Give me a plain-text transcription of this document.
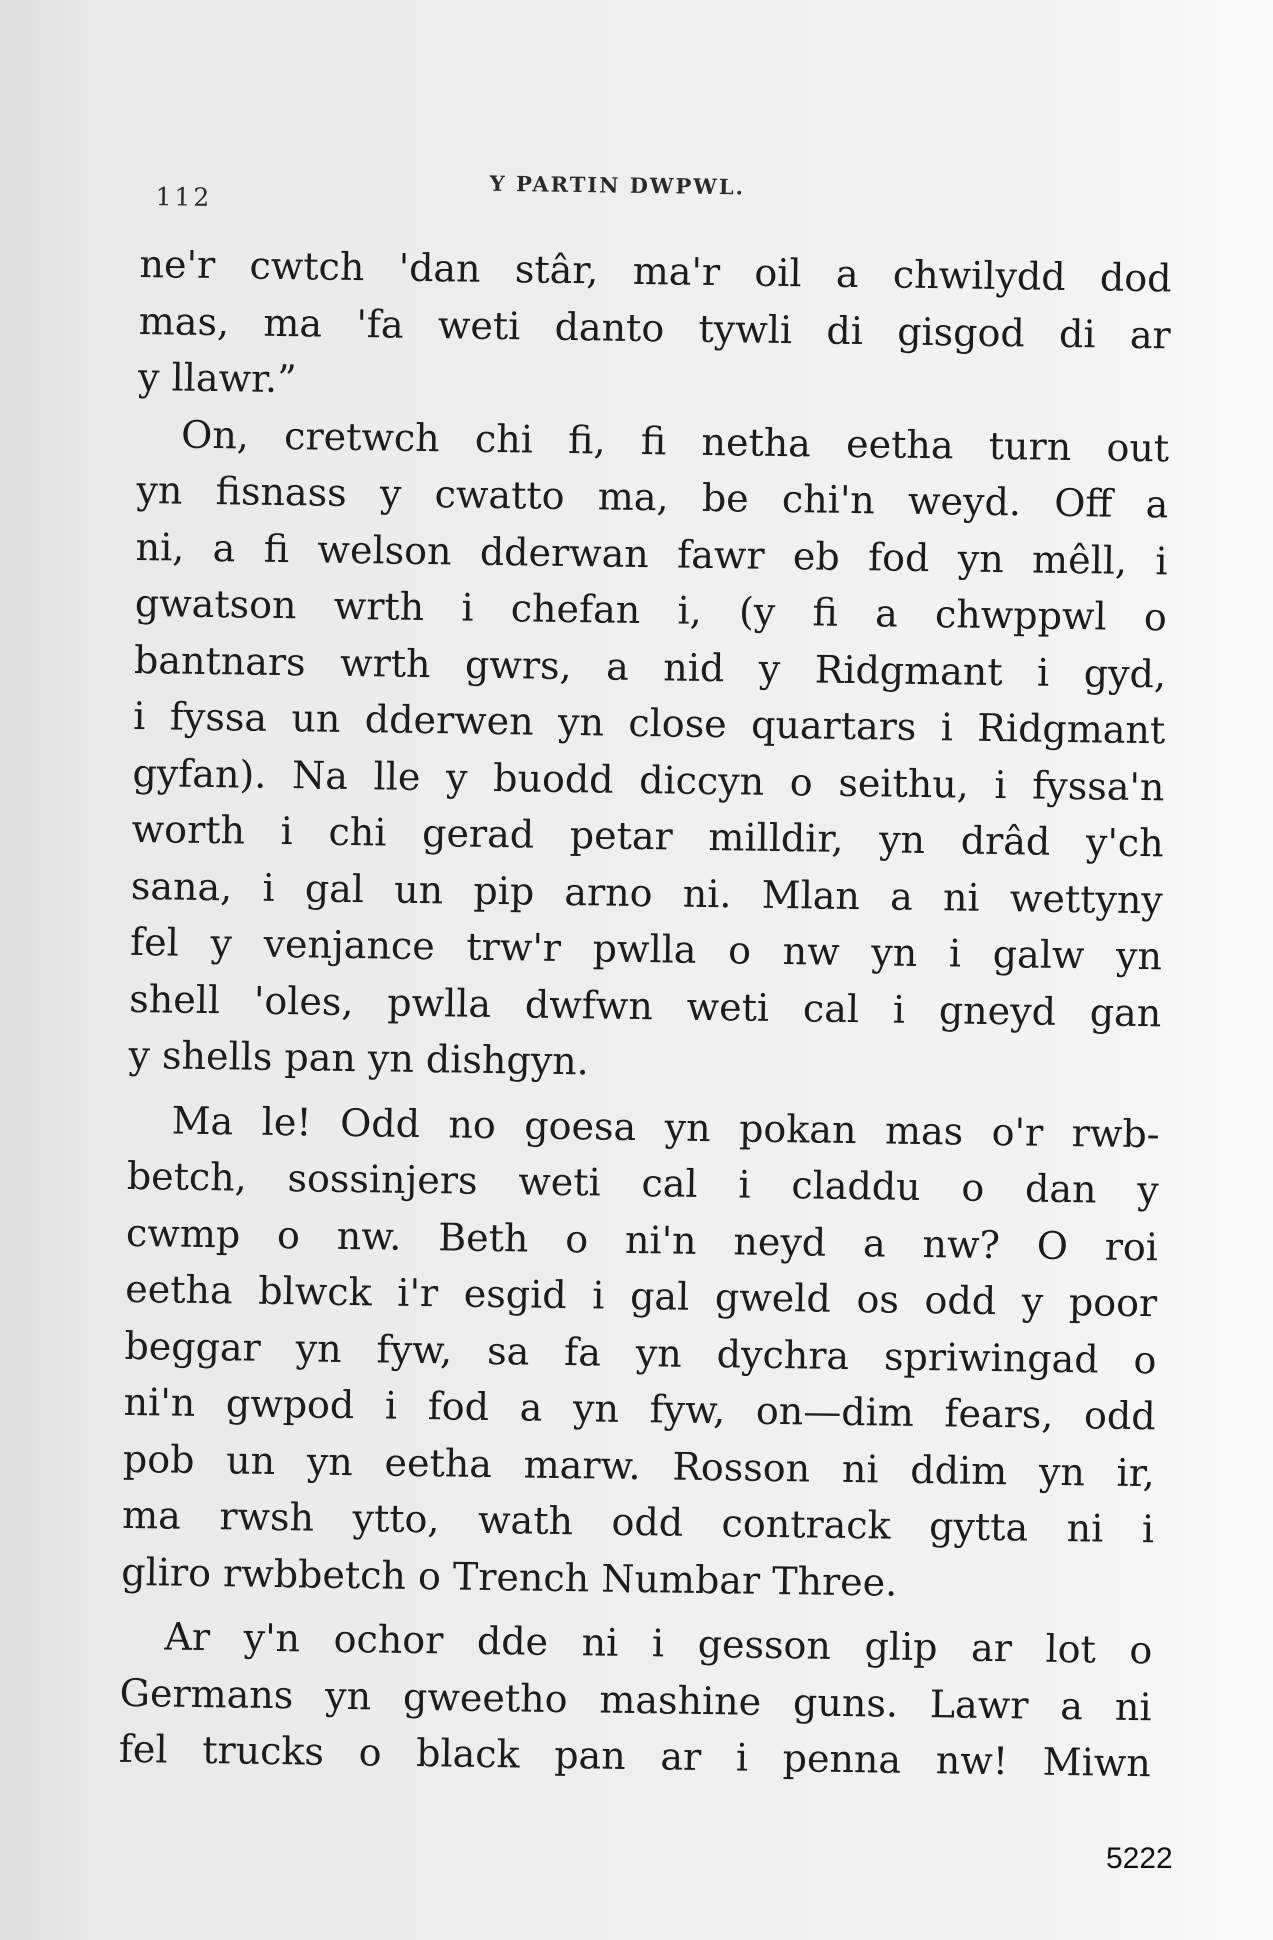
112	Y PARTIN DWPWL.
ne'r cwtch 'dan stâr, ma'r oil a chwilydd dod
mas, ma 'fa weti danto tywli di gisgod di ar
y llawr.”
On, cretwch chi fi, fi netha eetha turn out
yn fisnass y cwatto ma, be chi'n weyd. Off a
ni, a fi welson dderwan fawr eb fod yn mêll, i
gwatson wrth i chefan i, (y fi a chwppwl o
bantnars wrth gwrs, a nid y Ridgmant i gyd,
i fyssa un dderwen yn close quartars i Ridgmant
gyfan). Na lle y buodd diccyn o seithu, i fyssa'n
worth i chi gerad petar milldir, yn drâd y'ch
sana, i gal un pip arno ni. Mlan a ni wettyny
fel y venjance trw'r pwlla o nw yn i galw yn
shell 'oles, pwlla dwfwn weti cal i gneyd gan
y shells pan yn dishgyn.
Ma le! Odd no goesa yn pokan mas o'r rwb-
betch, sossinjers weti cal i claddu o dan y
cwmp o nw. Beth o ni'n neyd a nw? O roi
eetha blwck i'r esgid i gal gweld os odd y poor
beggar yn fyw, sa fa yn dychra spriwingad o
ni'n gwpod i fod a yn fyw, on—dim fears, odd
pob un yn eetha marw. Rosson ni ddim yn ir,
ma rwsh ytto, wath odd contrack gytta ni i
gliro rwbbetch o Trench Numbar Three.
Ar y'n ochor dde ni i gesson glip ar lot o
Germans yn gweetho mashine guns. Lawr a ni
fel trucks o black pan ar i penna nw! Miwn
5222
